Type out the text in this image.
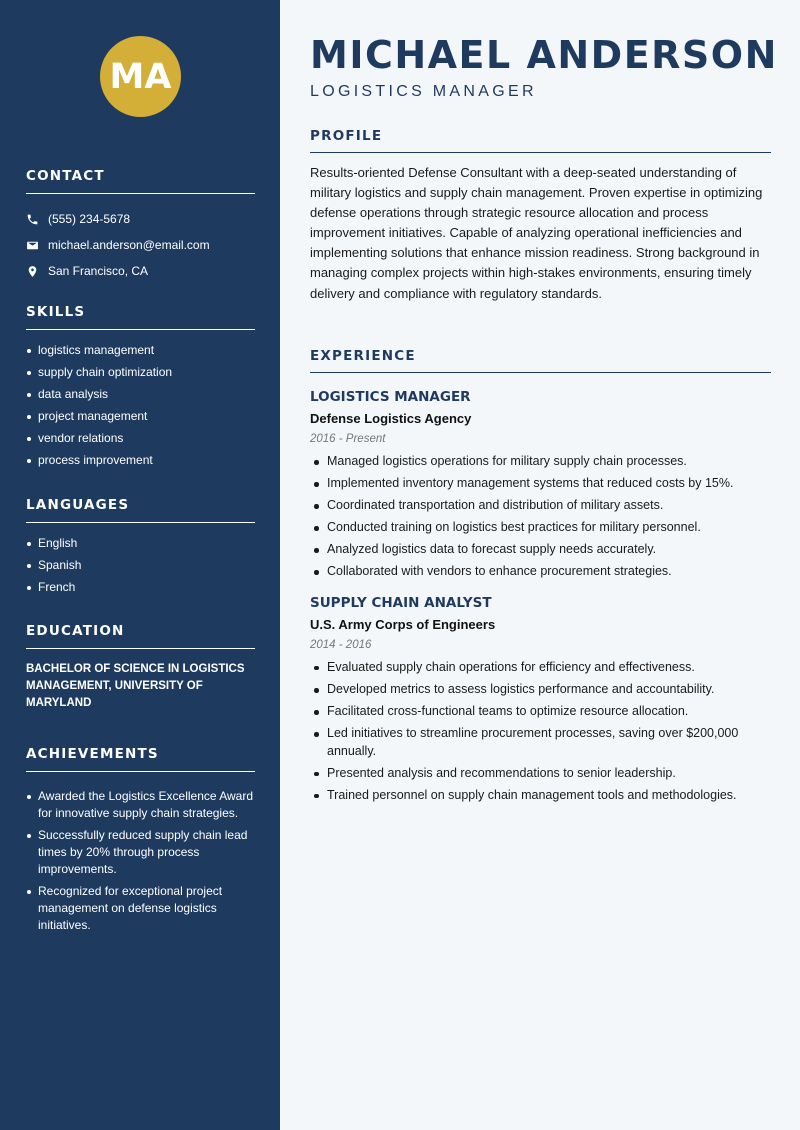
MA
CONTACT
(555) 234-5678
michael.anderson@email.com
San Francisco, CA
SKILLS
logistics management
supply chain optimization
data analysis
project management
vendor relations
process improvement
LANGUAGES
English
Spanish
French
EDUCATION
BACHELOR OF SCIENCE IN LOGISTICS MANAGEMENT, UNIVERSITY OF MARYLAND
ACHIEVEMENTS
Awarded the Logistics Excellence Award for innovative supply chain strategies.
Successfully reduced supply chain lead times by 20% through process improvements.
Recognized for exceptional project management on defense logistics initiatives.
MICHAEL ANDERSON
LOGISTICS MANAGER
PROFILE

Results-oriented Defense Consultant with a deep-seated understanding of military logistics and supply chain management. Proven expertise in optimizing defense operations through strategic resource allocation and process improvement initiatives. Capable of analyzing operational inefficiencies and implementing solutions that enhance mission readiness. Strong background in managing complex projects within high-stakes environments, ensuring timely delivery and compliance with regulatory standards.

EXPERIENCE
LOGISTICS MANAGER
Defense Logistics Agency
2016 - Present
Managed logistics operations for military supply chain processes.
Implemented inventory management systems that reduced costs by 15%.
Coordinated transportation and distribution of military assets.
Conducted training on logistics best practices for military personnel.
Analyzed logistics data to forecast supply needs accurately.
Collaborated with vendors to enhance procurement strategies.
SUPPLY CHAIN ANALYST
U.S. Army Corps of Engineers
2014 - 2016
Evaluated supply chain operations for efficiency and effectiveness.
Developed metrics to assess logistics performance and accountability.
Facilitated cross-functional teams to optimize resource allocation.
Led initiatives to streamline procurement processes, saving over $200,000 annually.
Presented analysis and recommendations to senior leadership.
Trained personnel on supply chain management tools and methodologies.
